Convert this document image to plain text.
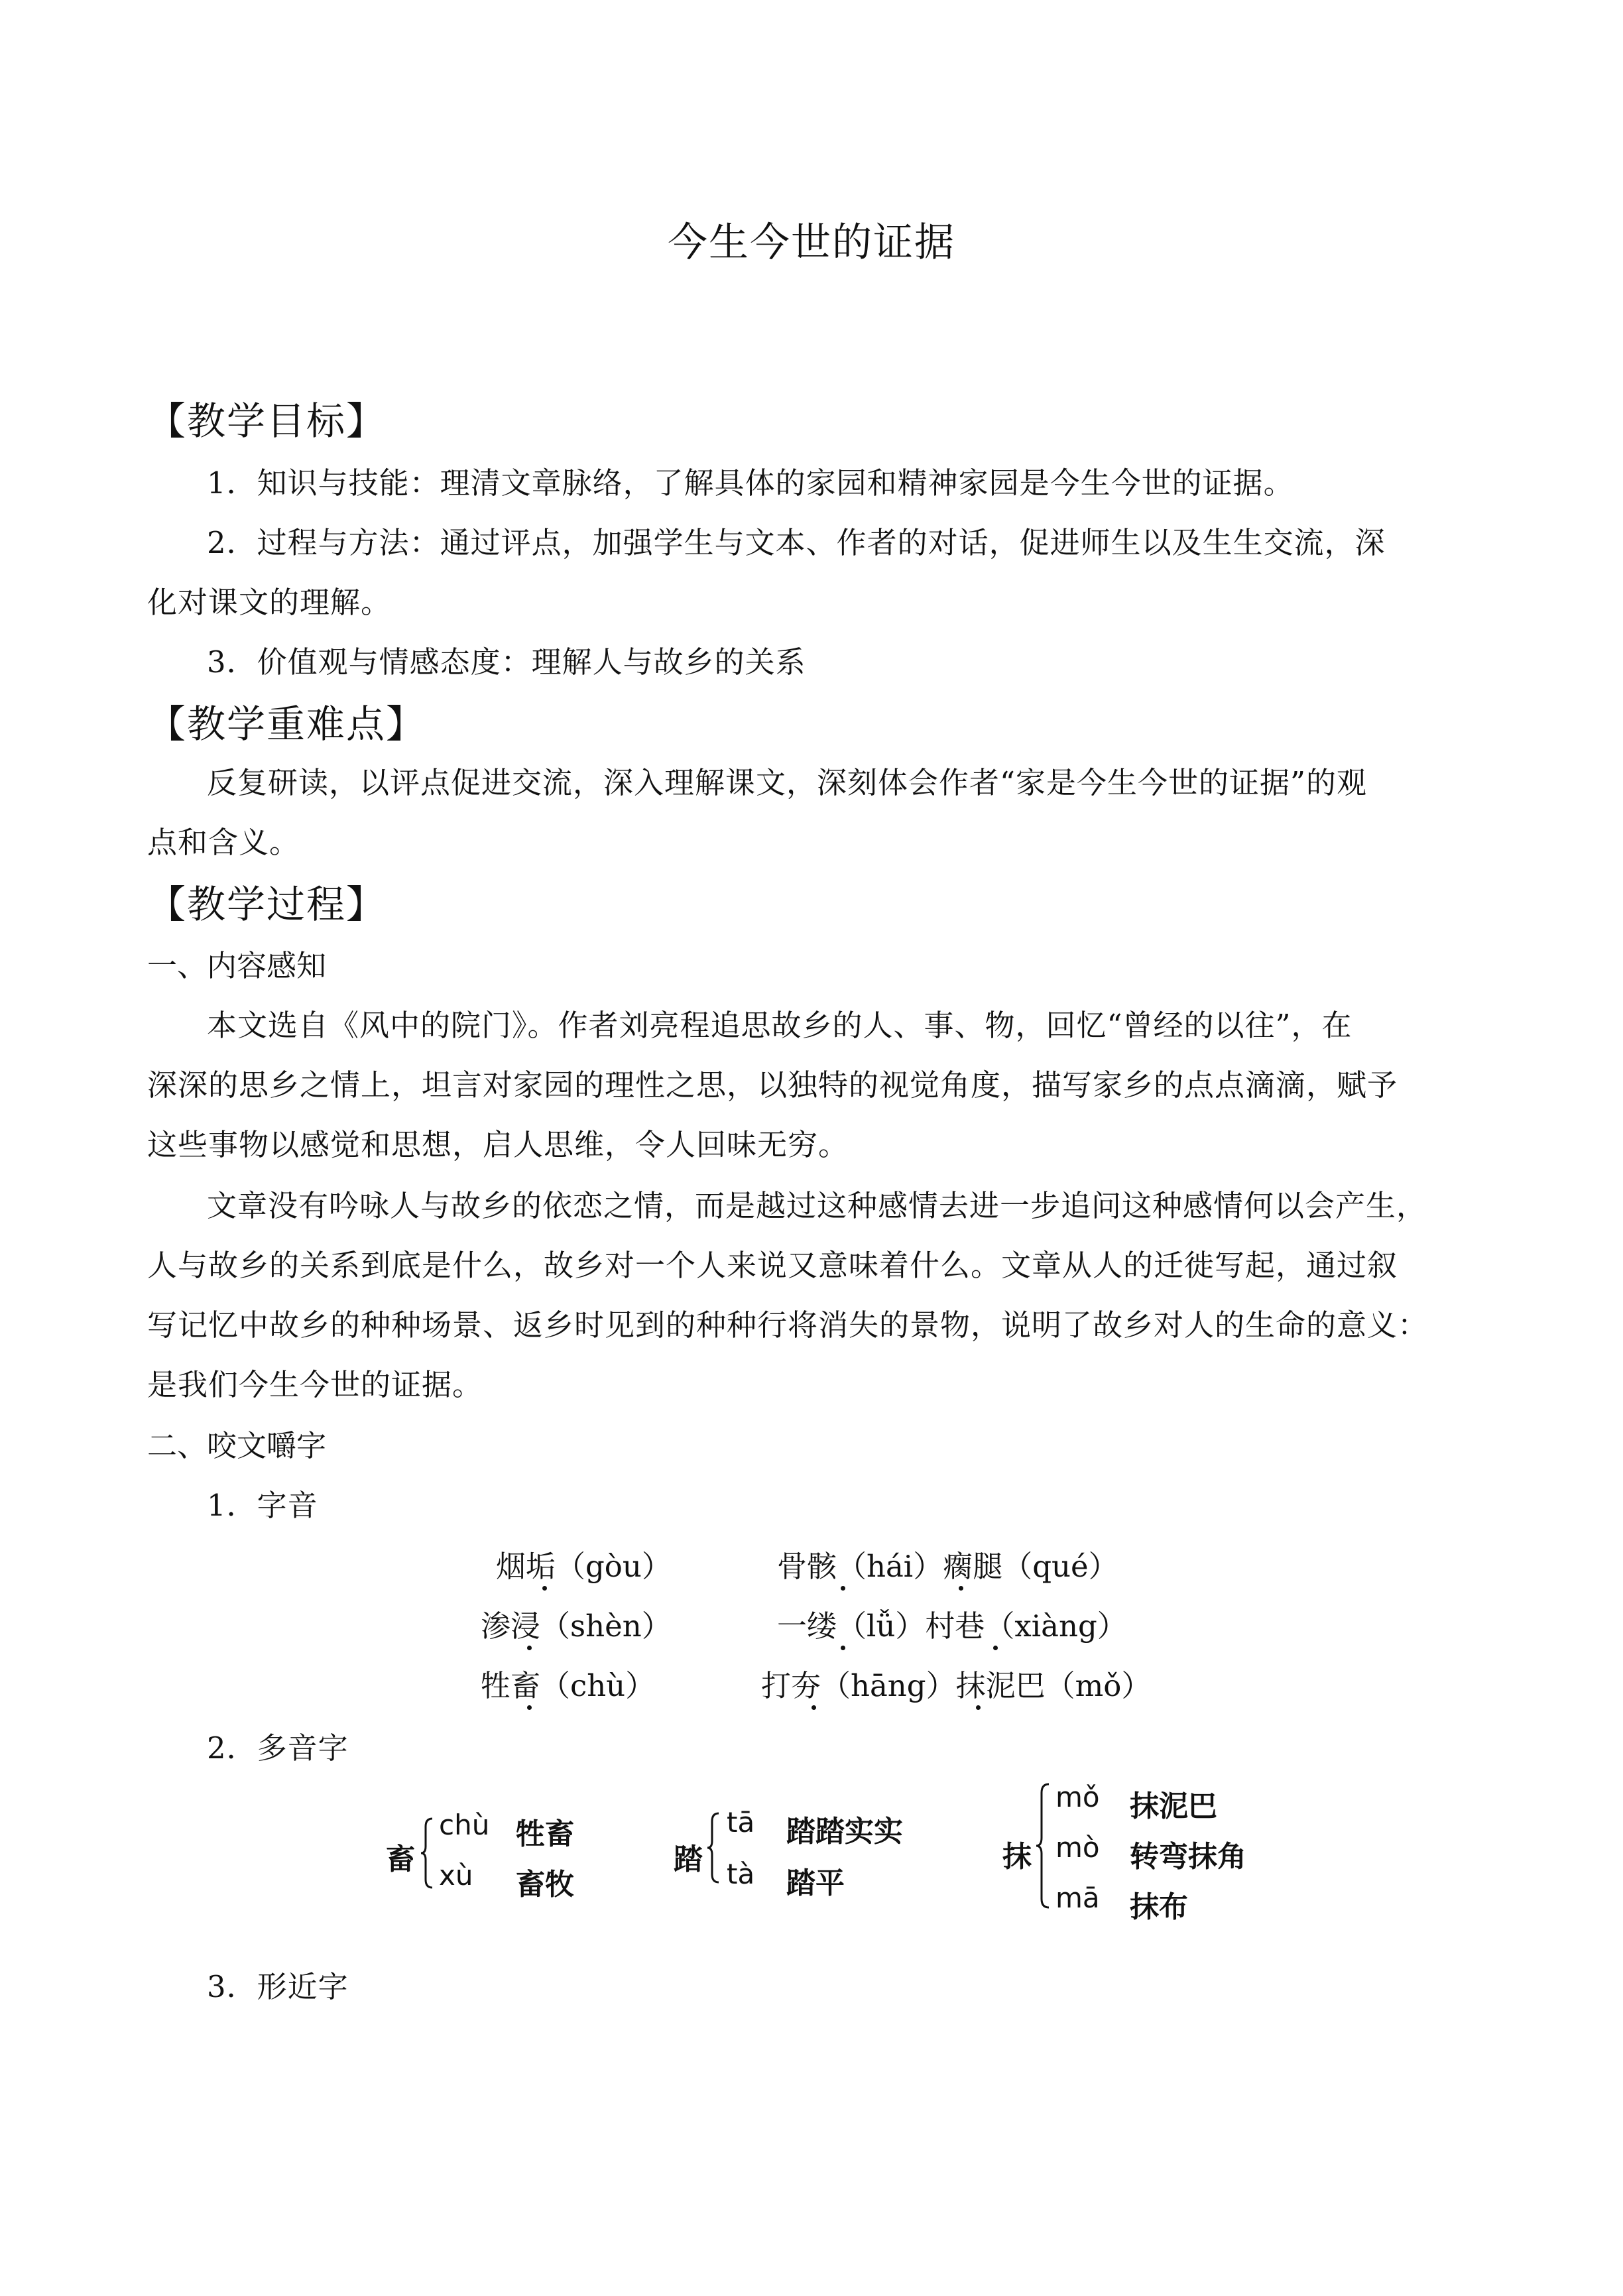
今生今世的证据
【教学目标】
1．知识与技能：理清文章脉络，了解具体的家园和精神家园是今生今世的证据。
2．过程与方法：通过评点，加强学生与文本、作者的对话，促进师生以及生生交流，深
化对课文的理解。
3．价值观与情感态度：理解人与故乡的关系
【教学重难点】
反复研读，以评点促进交流，深入理解课文，深刻体会作者“家是今生今世的证据”的观
点和含义。
【教学过程】
一、内容感知
本文选自《风中的院门》。作者刘亮程追思故乡的人、事、物，回忆“曾经的以往”，在
深深的思乡之情上，坦言对家园的理性之思，以独特的视觉角度，描写家乡的点点滴滴，赋予
这些事物以感觉和思想，启人思维，令人回味无穷。
文章没有吟咏人与故乡的依恋之情，而是越过这种感情去进一步追问这种感情何以会产生，
人与故乡的关系到底是什么，故乡对一个人来说又意味着什么。文章从人的迁徙写起，通过叙
写记忆中故乡的种种场景、返乡时见到的种种行将消失的景物，说明了故乡对人的生命的意义：
是我们今生今世的证据。
二、咬文嚼字
1．字音
烟垢（gòu）	骨骸（hái）瘸腿（qué）
渗浸（shèn）	一缕（lǚ）村巷（xiàng）
牲畜（chù）	打夯（hāng）抹泥巴（mǒ）
2．多音字
畜
chù 牲畜
xù 畜牧
踏
tā 踏踏实实
tà 踏平
抹
mǒ 抹泥巴
mò 转弯抹角
mā 抹布
3．形近字
